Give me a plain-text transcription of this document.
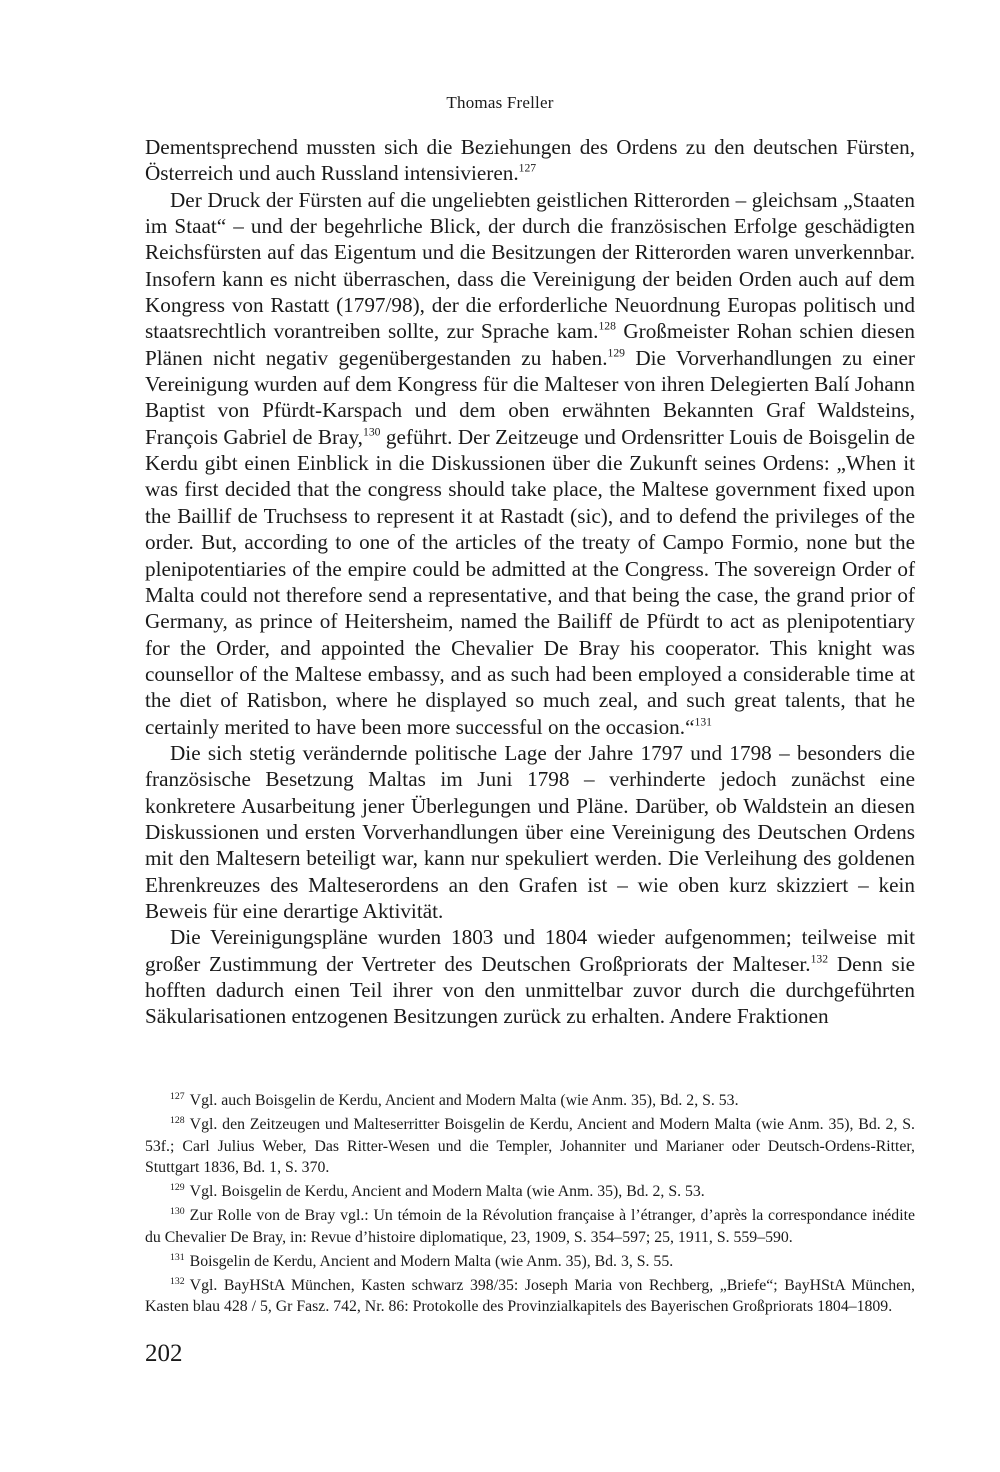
Thomas Freller

Dementsprechend mussten sich die Beziehungen des Ordens zu den deutschen Fürsten, Österreich und auch Russland intensivieren.$^{127}$

Der Druck der Fürsten auf die ungeliebten geistlichen Ritterorden – gleichsam „Staaten im Staat“ – und der begehrliche Blick, der durch die französischen Erfolge geschädigten Reichsfürsten auf das Eigentum und die Besitzungen der Ritterorden waren unverkennbar. Insofern kann es nicht überraschen, dass die Vereinigung der beiden Orden auch auf dem Kongress von Rastatt (1797/98), der die erforderliche Neuordnung Europas politisch und staatsrechtlich vorantreiben sollte, zur Sprache kam.$^{128}$ Großmeister Rohan schien diesen Plänen nicht negativ gegenübergestanden zu haben.$^{129}$ Die Vorverhandlungen zu einer Vereinigung wurden auf dem Kongress für die Malteser von ihren Delegierten Balí Johann Baptist von Pfürdt-Karspach und dem oben erwähnten Bekannten Graf Waldsteins, François Gabriel de Bray,$^{130}$ geführt. Der Zeitzeuge und Ordensritter Louis de Boisgelin de Kerdu gibt einen Einblick in die Diskussionen über die Zukunft seines Ordens: „When it was first decided that the congress should take place, the Maltese government fixed upon the Baillif de Truchsess to represent it at Rastadt (sic), and to defend the privileges of the order. But, according to one of the articles of the treaty of Campo Formio, none but the plenipotentiaries of the empire could be admitted at the Congress. The sovereign Order of Malta could not therefore send a representative, and that being the case, the grand prior of Germany, as prince of Heitersheim, named the Bailiff de Pfürdt to act as plenipotentiary for the Order, and appointed the Chevalier De Bray his cooperator. This knight was counsellor of the Maltese embassy, and as such had been employed a considerable time at the diet of Ratisbon, where he displayed so much zeal, and such great talents, that he certainly merited to have been more successful on the occasion.“$^{131}$

Die sich stetig verändernde politische Lage der Jahre 1797 und 1798 – besonders die französische Besetzung Maltas im Juni 1798 – verhinderte jedoch zunächst eine konkretere Ausarbeitung jener Überlegungen und Pläne. Darüber, ob Waldstein an diesen Diskussionen und ersten Vorverhandlungen über eine Vereinigung des Deutschen Ordens mit den Maltesern beteiligt war, kann nur spekuliert werden. Die Verleihung des goldenen Ehrenkreuzes des Malteserordens an den Grafen ist – wie oben kurz skizziert – kein Beweis für eine derartige Aktivität.

Die Vereinigungspläne wurden 1803 und 1804 wieder aufgenommen; teilweise mit großer Zustimmung der Vertreter des Deutschen Großpriorats der Malteser.$^{132}$ Denn sie hofften dadurch einen Teil ihrer von den unmittelbar zuvor durch die durchgeführten Säkularisationen entzogenen Besitzungen zurück zu erhalten. Andere Fraktionen

$^{127}$ Vgl. auch Boisgelin de Kerdu, Ancient and Modern Malta (wie Anm. 35), Bd. 2, S. 53.

$^{128}$ Vgl. den Zeitzeugen und Malteserritter Boisgelin de Kerdu, Ancient and Modern Malta (wie Anm. 35), Bd. 2, S. 53f.; Carl Julius Weber, Das Ritter-Wesen und die Templer, Johanniter und Marianer oder Deutsch-Ordens-Ritter, Stuttgart 1836, Bd. 1, S. 370.

$^{129}$ Vgl. Boisgelin de Kerdu, Ancient and Modern Malta (wie Anm. 35), Bd. 2, S. 53.

$^{130}$ Zur Rolle von de Bray vgl.: Un témoin de la Révolution française à l’étranger, d’après la correspondance inédite du Chevalier De Bray, in: Revue d’histoire diplomatique, 23, 1909, S. 354–597; 25, 1911, S. 559–590.

$^{131}$ Boisgelin de Kerdu, Ancient and Modern Malta (wie Anm. 35), Bd. 3, S. 55.

$^{132}$ Vgl. BayHStA München, Kasten schwarz 398/35: Joseph Maria von Rechberg, „Briefe“; BayHStA München, Kasten blau 428 / 5, Gr Fasz. 742, Nr. 86: Protokolle des Provinzialkapitels des Bayerischen Großpriorats 1804–1809.

202
